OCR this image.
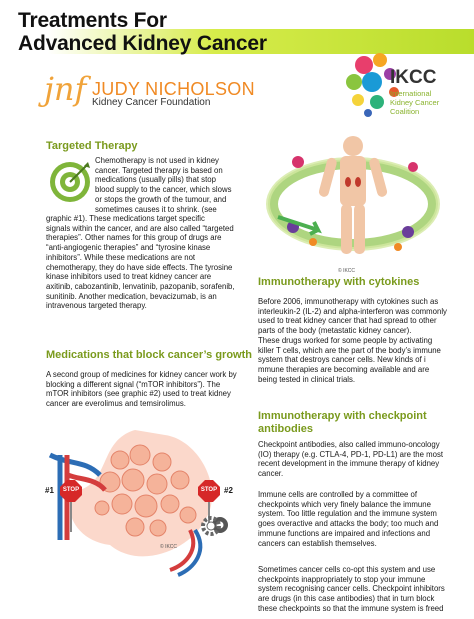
Treatments For
Advanced Kidney Cancer
jnf JUDY NICHOLSON
Kidney Cancer Foundation
IKCC
International
Kidney Cancer
Coalition
Targeted Therapy
Chemotherapy is not used in kidney
cancer. Targeted therapy is based on
medications (usually pills) that stop
blood supply to the cancer, which slows
or stops the growth of the tumour, and
sometimes causes it to shrink. (see
graphic #1). These medications target specific
signals within the cancer, and are also called “targeted
therapies”. Other names for this group of drugs are
“anti-angiogenic therapies” and “tyrosine kinase
inhibitors”. While these medications are not
chemotherapy, they do have side effects. The tyrosine
kinase inhibitors used to treat kidney cancer are
axitinib, cabozantinib, lenvatinib, pazopanib, sorafenib,
sunitinib. Another medication, bevacizumab, is an
intravenous targeted therapy.
Medications that block cancer’s growth
A second group of medicines for kidney cancer work by
blocking a different signal (“mTOR inhibitors”). The
mTOR inhibitors (see graphic #2) used to treat kidney
cancer are everolimus and temsirolimus.
STOP	STOP
#1	#2
© IKCC
© IKCC
Immunotherapy with cytokines
Before 2006, immunotherapy with cytokines such as
interleukin-2 (IL-2) and alpha-interferon was commonly
used to treat kidney cancer that had spread to other
parts of the body (metastatic kidney cancer).
These drugs worked for some people by activating
killer T cells, which are the part of the body’s immune
system that destroys cancer cells. New kinds of i
mmune therapies are becoming available and are
being tested in clinical trials.
Immunotherapy with checkpoint
antibodies
Checkpoint antibodies, also called immuno-oncology
(IO) therapy (e.g. CTLA-4, PD-1, PD-L1) are the most
recent development in the immune therapy of kidney
cancer.
Immune cells are controlled by a committee of
checkpoints which very finely balance the immune
system. Too little regulation and the immune system
goes overactive and attacks the body; too much and
immune functions are impaired and infections and
cancers can establish themselves.
Sometimes cancer cells co-opt this system and use
checkpoints inappropriately to stop your immune
system recognising cancer cells. Checkpoint inhibitors
are drugs (in this case antibodies) that in turn block
these checkpoints so that the immune system is freed
